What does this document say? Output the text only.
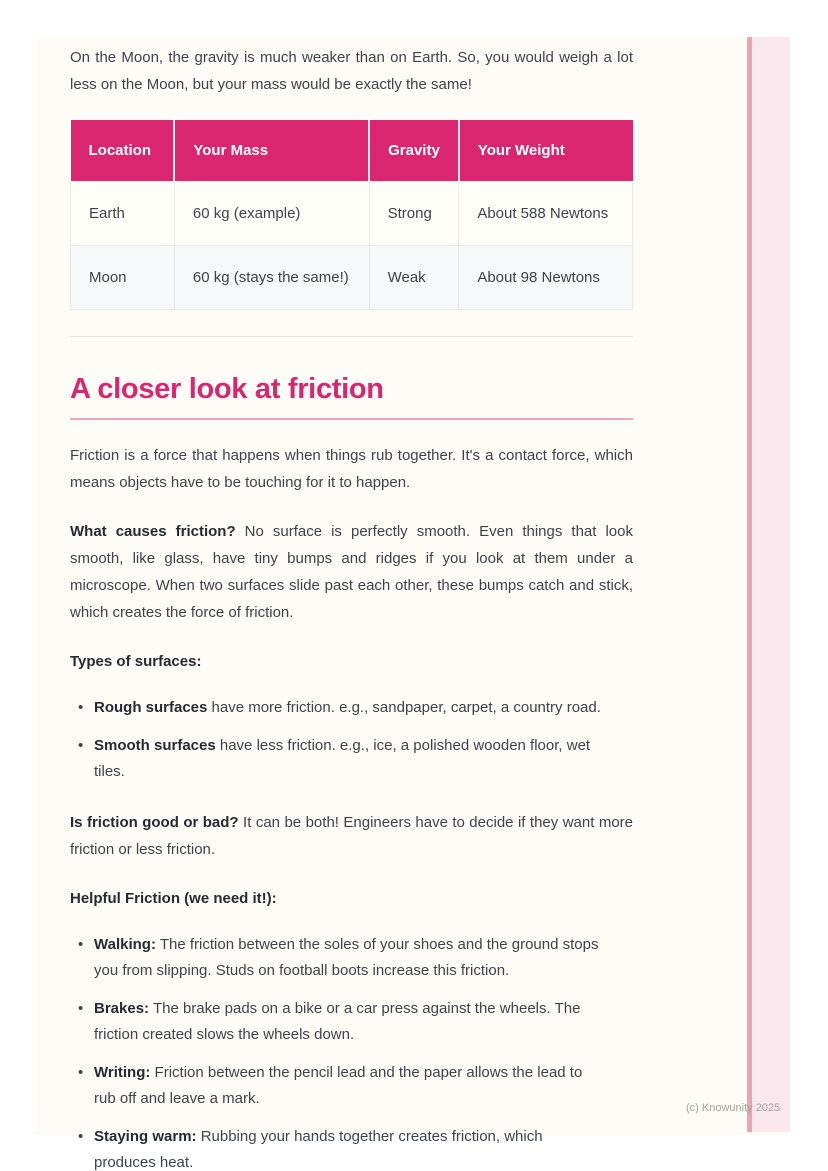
On the Moon, the gravity is much weaker than on Earth. So, you would weigh a lot less on the Moon, but your mass would be exactly the same!

Location	Your Mass	Gravity	Your Weight
Earth	60 kg (example)	Strong	About 588 Newtons
Moon	60 kg (stays the same!)	Weak	About 98 Newtons
A closer look at friction

Friction is a force that happens when things rub together. It's a contact force, which means objects have to be touching for it to happen.

What causes friction? No surface is perfectly smooth. Even things that look smooth, like glass, have tiny bumps and ridges if you look at them under a microscope. When two surfaces slide past each other, these bumps catch and stick, which creates the force of friction.

Types of surfaces:

• Rough surfaces have more friction. e.g., sandpaper, carpet, a country road.
• Smooth surfaces have less friction. e.g., ice, a polished wooden floor, wet tiles.

Is friction good or bad? It can be both! Engineers have to decide if they want more friction or less friction.

Helpful Friction (we need it!):

• Walking: The friction between the soles of your shoes and the ground stops you from slipping. Studs on football boots increase this friction.
• Brakes: The brake pads on a bike or a car press against the wheels. The friction created slows the wheels down.
• Writing: Friction between the pencil lead and the paper allows the lead to rub off and leave a mark.
• Staying warm: Rubbing your hands together creates friction, which produces heat.
(c) Knowunity 2025
